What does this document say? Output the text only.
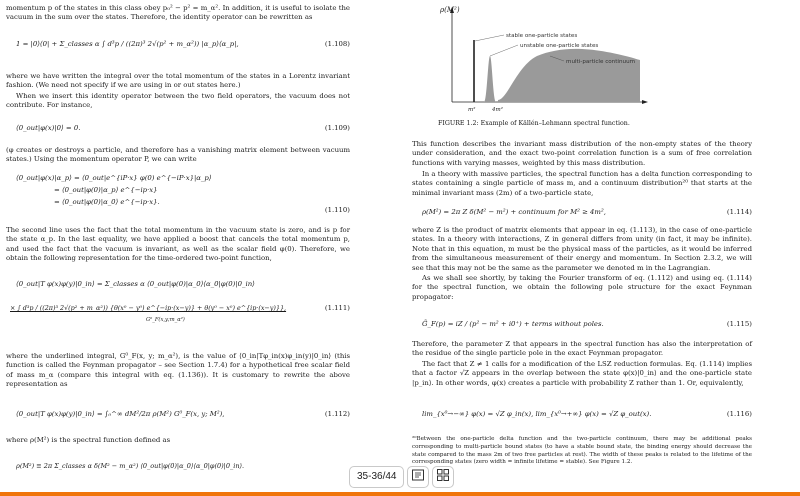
momentum p of the states in this class obey p₀² − p² = m_α². In addition, it is useful to isolate the vacuum in the sum over the states. Therefore, the identity operator can be rewritten as

1 = |0⟩⟨0| + Σ_classes α ∫ d³p / ((2π)³ 2√(p² + m_α²)) |α_p⟩⟨α_p|,	(1.108)

where we have written the integral over the total momentum of the states in a Lorentz invariant fashion. (We need not specify if we are using in or out states here.)

When we insert this identity operator between the two field operators, the vacuum does not contribute. For instance,

⟨0_out|φ(x)|0⟩ = 0.	(1.109)

(φ creates or destroys a particle, and therefore has a vanishing matrix element between vacuum states.) Using the momentum operator P, we can write

⟨0_out|φ(x)|α_p⟩ = ⟨0_out|e^{iP·x} φ(0) e^{−iP·x}|α_p⟩
= ⟨0_out|φ(0)|α_p⟩ e^{−ip·x}
= ⟨0_out|φ(0)|α_0⟩ e^{−ip·x}.
(1.110)

The second line uses the fact that the total momentum in the vacuum state is zero, and is p for the state α_p. In the last equality, we have applied a boost that cancels the total momentum p, and used the fact that the vacuum is invariant, as well as the scalar field φ(0). Therefore, we obtain the following representation for the time-ordered two-point function,

⟨0_out|T φ(x)φ(y)|0_in⟩ = Σ_classes α ⟨0_out|φ(0)|α_0⟩⟨α_0|φ(0)|0_in⟩
× ∫ d³p / ((2π)³ 2√(p² + m_α²)) {θ(x⁰ − y⁰) e^{−ip·(x−y)} + θ(y⁰ − x⁰) e^{ip·(x−y)}},
G⁰_F(x,y;m_α²)
(1.111)

where the underlined integral, G⁰_F(x, y; m_α²), is the value of ⟨0_in|Tφ_in(x)φ_in(y)|0_in⟩ (this function is called the Feynman propagator – see Section 1.7.4) for a hypothetical free scalar field of mass m_α (compare this integral with eq. (1.136)). It is customary to rewrite the above representation as

⟨0_out|T φ(x)φ(y)|0_in⟩ = ∫₀^∞ dM²/2π ρ(M²) G⁰_F(x, y; M²),	(1.112)

where ρ(M²) is the spectral function defined as

ρ(M²) ≡ 2π Σ_classes α δ(M² − m_α²) ⟨0_out|φ(0)|α_0⟩⟨α_0|φ(0)|0_in⟩.
ρ(M²)
stable one-particle states
unstable one-particle states
multi-particle continuum
m²	4m²
FIGURE 1.2: Example of Källén–Lehmann spectral function.

This function describes the invariant mass distribution of the non-empty states of the theory under consideration, and the exact two-point correlation function is a sum of free correlation functions with varying masses, weighted by this mass distribution.

In a theory with massive particles, the spectral function has a delta function corresponding to states containing a single particle of mass m, and a continuum distribution²⁰ that starts at the minimal invariant mass (2m) of a two-particle state,

ρ(M²) = 2π Z δ(M² − m²) + continuum for M² ≥ 4m²,	(1.114)

where Z is the product of matrix elements that appear in eq. (1.113), in the case of one-particle states. In a theory with interactions, Z in general differs from unity (in fact, it may be infinite). Note that in this equation, m must be the physical mass of the particles, as it would be inferred from the simultaneous measurement of their energy and momentum. In Section 2.3.2, we will see that this may not be the same as the parameter we denoted m in the Lagrangian.

As we shall see shortly, by taking the Fourier transform of eq. (1.112) and using eq. (1.114) for the spectral function, we obtain the following pole structure for the exact Feynman propagator:

G̃_F(p) = iZ / (p² − m² + i0⁺) + terms without poles.	(1.115)

Therefore, the parameter Z that appears in the spectral function has also the interpretation of the residue of the single particle pole in the exact Feynman propagator.

The fact that Z ≠ 1 calls for a modification of the LSZ reduction formulas. Eq. (1.114) implies that a factor √Z appears in the overlap between the state φ(x)|0_in⟩ and the one-particle state |p_in⟩. In other words, φ(x) creates a particle with probability Z rather than 1. Or, equivalently,

lim_{x⁰→−∞} φ(x) = √Z φ_in(x), lim_{x⁰→+∞} φ(x) = √Z φ_out(x).	(1.116)
²⁰Between the one-particle delta function and the two-particle continuum, there may be additional peaks corresponding to multi-particle bound states (to have a stable bound state, the binding energy should decrease the state compared to the mass 2m of two free particles at rest). The width of these peaks is related to the lifetime of the corresponding states (zero width = infinite lifetime = stable). See Figure 1.2.
35-36/44
